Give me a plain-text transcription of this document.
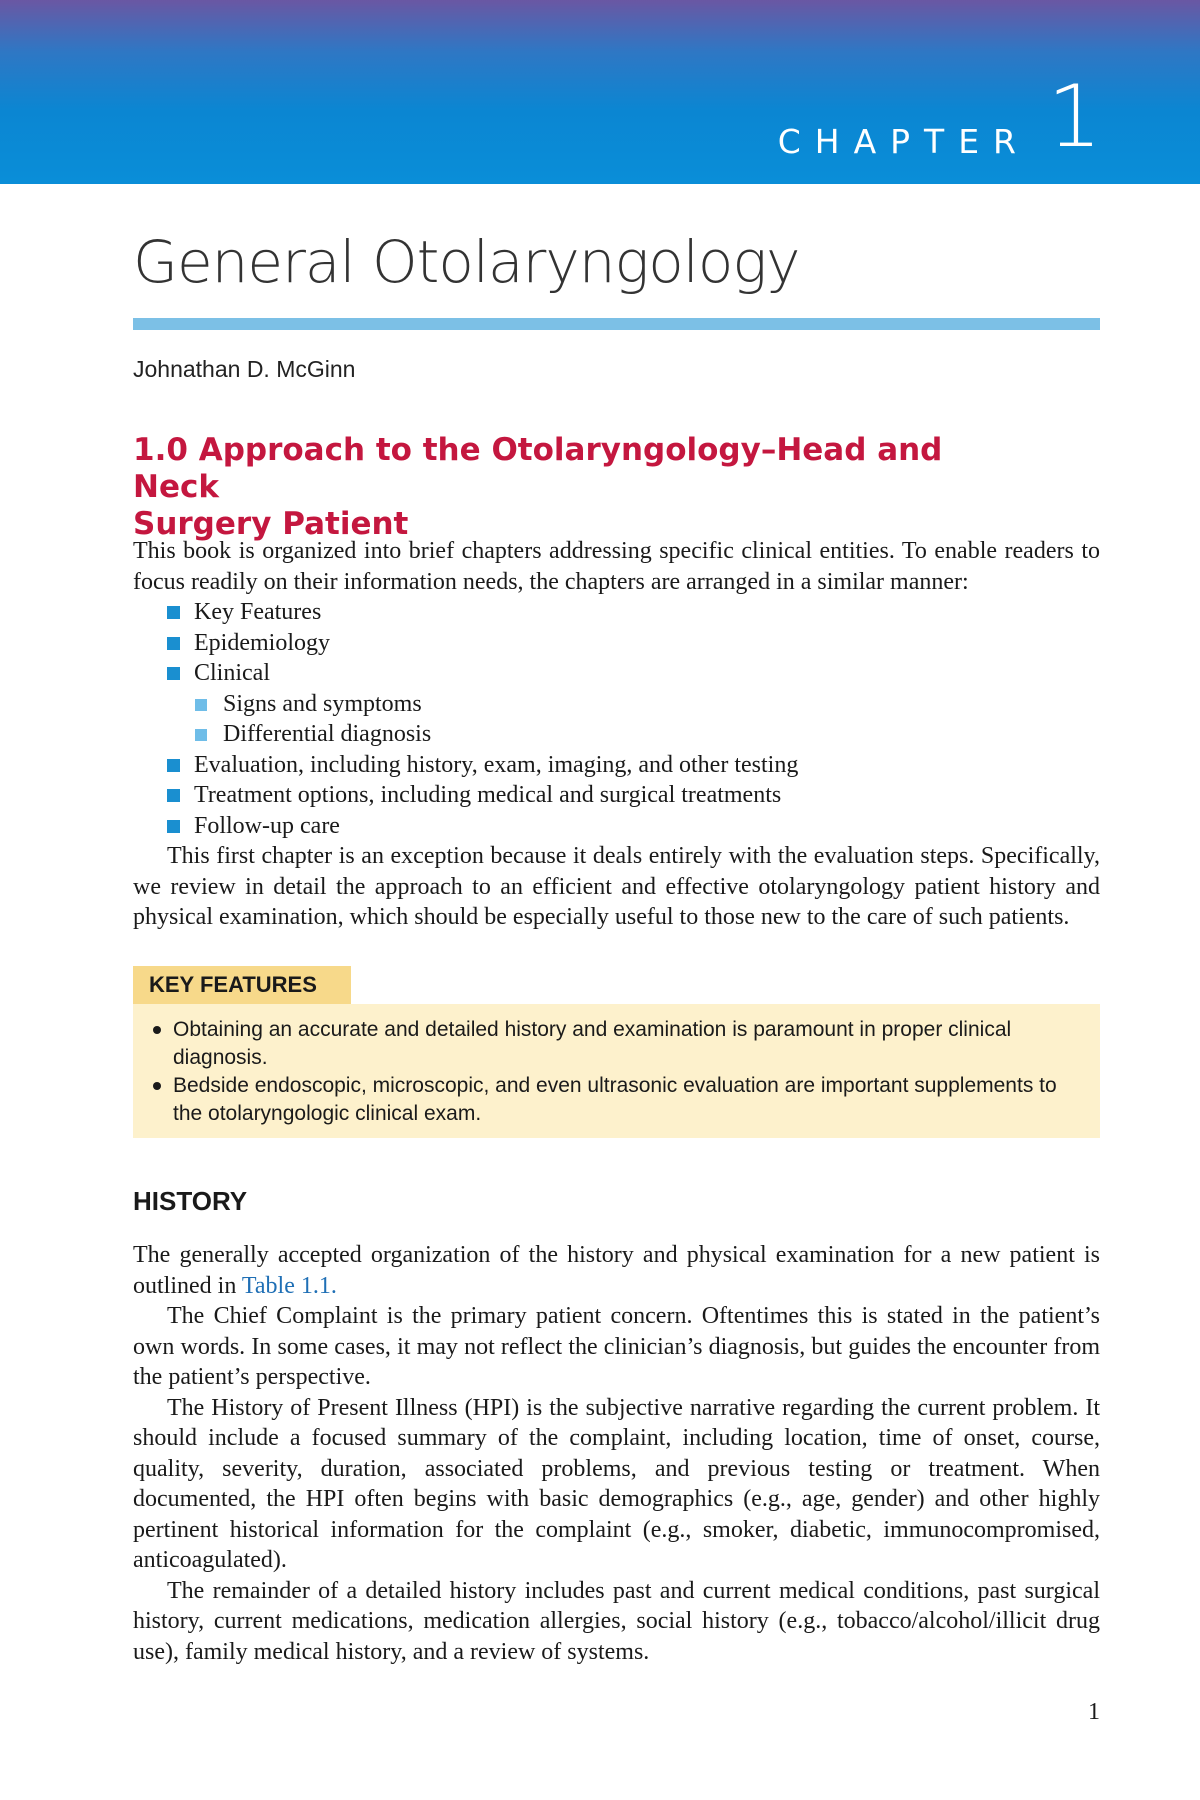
CHAPTER 1
General Otolaryngology
Johnathan D. McGinn
1.0 Approach to the Otolaryngology–Head and Neck
Surgery Patient

This book is organized into brief chapters addressing specific clinical entities. To enable readers to focus readily on their information needs, the chapters are arranged in a similar manner:

Key Features
Epidemiology
Clinical
Signs and symptoms
Differential diagnosis
Evaluation, including history, exam, imaging, and other testing
Treatment options, including medical and surgical treatments
Follow-up care

This first chapter is an exception because it deals entirely with the evaluation steps. Specifically, we review in detail the approach to an efficient and effective otolaryngology patient history and physical examination, which should be especially useful to those new to the care of such patients.

KEY FEATURES
Obtaining an accurate and detailed history and examination is paramount in proper clinical diagnosis.
Bedside endoscopic, microscopic, and even ultrasonic evaluation are important supplements to the otolaryngologic clinical exam.
HISTORY

The generally accepted organization of the history and physical examination for a new patient is outlined in Table 1.1.

The Chief Complaint is the primary patient concern. Oftentimes this is stated in the patient’s own words. In some cases, it may not reflect the clinician’s diagnosis, but guides the encounter from the patient’s perspective.

The History of Present Illness (HPI) is the subjective narrative regarding the current problem. It should include a focused summary of the complaint, including location, time of onset, course, quality, severity, duration, associated problems, and previous testing or treatment. When documented, the HPI often begins with basic demographics (e.g., age, gender) and other highly pertinent historical information for the complaint (e.g., smoker, diabetic, immunocompromised, anticoagulated).

The remainder of a detailed history includes past and current medical conditions, past surgical history, current medications, medication allergies, social history (e.g., tobacco/alcohol/illicit drug use), family medical history, and a review of systems.

1
